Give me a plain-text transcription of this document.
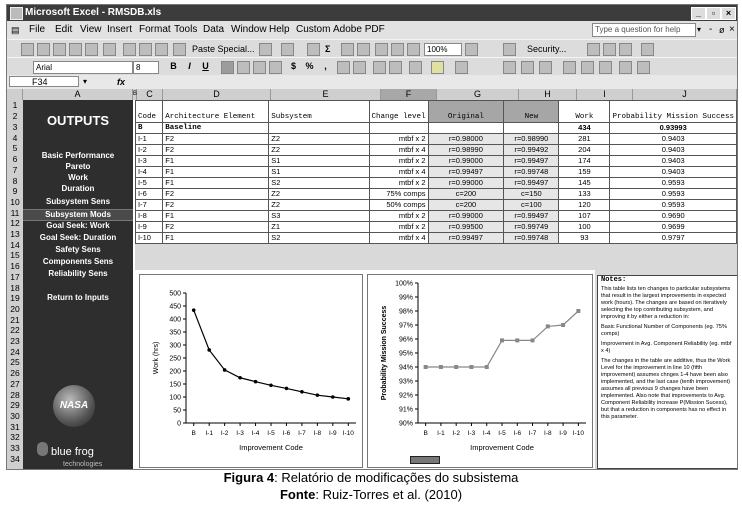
Microsoft Excel - RMSDB.xls	_	▫	×
▤ File Edit View Insert Format Tools Data Window Help Custom Adobe PDF	Type a question for help	▾ - ø ×
Paste Special...	Σ	100%	Security...
Arial	8	B	I	U	$	%	,
F34	▾	fx
A	B	C	D	E	F	G	H	I	J
1
2
3
4
5
6
7
8
9
10
11
12
13
14
15
16
17
18
19
20
21
22
23
24
25
26
27
28
29
30
31
32
33
34
OUTPUTS
Basic Performance
Pareto
Work
Duration
Subsystem Sens
Subsystem Mods
Goal Seek: Work
Goal Seek: Duration
Safety Sens
Components Sens
Reliability Sens
Return to Inputs
NASA
blue frog
technologies
Code	Architecture Element	Subsystem	Change level	Original	New	Work	Probability Mission Success
B	Baseline					434	0.93993
I-1	F2	Z2	mtbf x 2	r=0.98000	r=0.98990	281	0.9403
I-2	F2	Z2	mtbf x 4	r=0.98990	r=0.99492	204	0.9403
I-3	F1	S1	mtbf x 2	r=0.99000	r=0.99497	174	0.9403
I-4	F1	S1	mtbf x 4	r=0.99497	r=0.99748	159	0.9403
I-5	F1	S2	mtbf x 2	r=0.99000	r=0.99497	145	0.9593
I-6	F2	Z2	75% comps	c=200	c=150	133	0.9593
I-7	F2	Z2	50% comps	c=200	c=100	120	0.9593
I-8	F1	S3	mtbf x 2	r=0.99000	r=0.99497	107	0.9690
I-9	F2	Z1	mtbf x 2	r=0.99500	r=0.99749	100	0.9699
I-10	F1	S2	mtbf x 4	r=0.99497	r=0.99748	93	0.9797
0
50
100
150
200
250
300
350
400
450
500
B I-1 I-2 I-3 I-4 I-5 I-6 I-7 I-8 I-9 I-10
Improvement Code
Work (hrs)
90%
91%
92%
93%
94%
95%
96%
97%
98%
99%
100%
B I-1 I-2 I-3 I-4 I-5 I-6 I-7 I-8 I-9 I-10
Improvement Code
Probability Mission Success
Notes:

This table lists ten changes to particular subsystems that result in the largest improvements in expected work (hours). The changes are based on iteratively selecting the top contributing subsystem, and improving it by either a reduction in:

Basic Functional Number of Components (eg. 75% comps)

Improvement in Avg. Component Reliability (eg. mtbf x 4)

The changes in the table are additive, thus the Work Level for the improvement in line 10 (fifth improvement) assumes chnges 1-4 have been also implemented, and the last case (tenth improvement) assumes all previous 9 changes have been implemented. Also note that improvements to Avg. Component Reliability increase P(Mission Sucess), but that a reduction in components has no effect in this parameter.

Figura 4: Relatório de modificações do subsistema
Fonte: Ruiz-Torres et al. (2010)
